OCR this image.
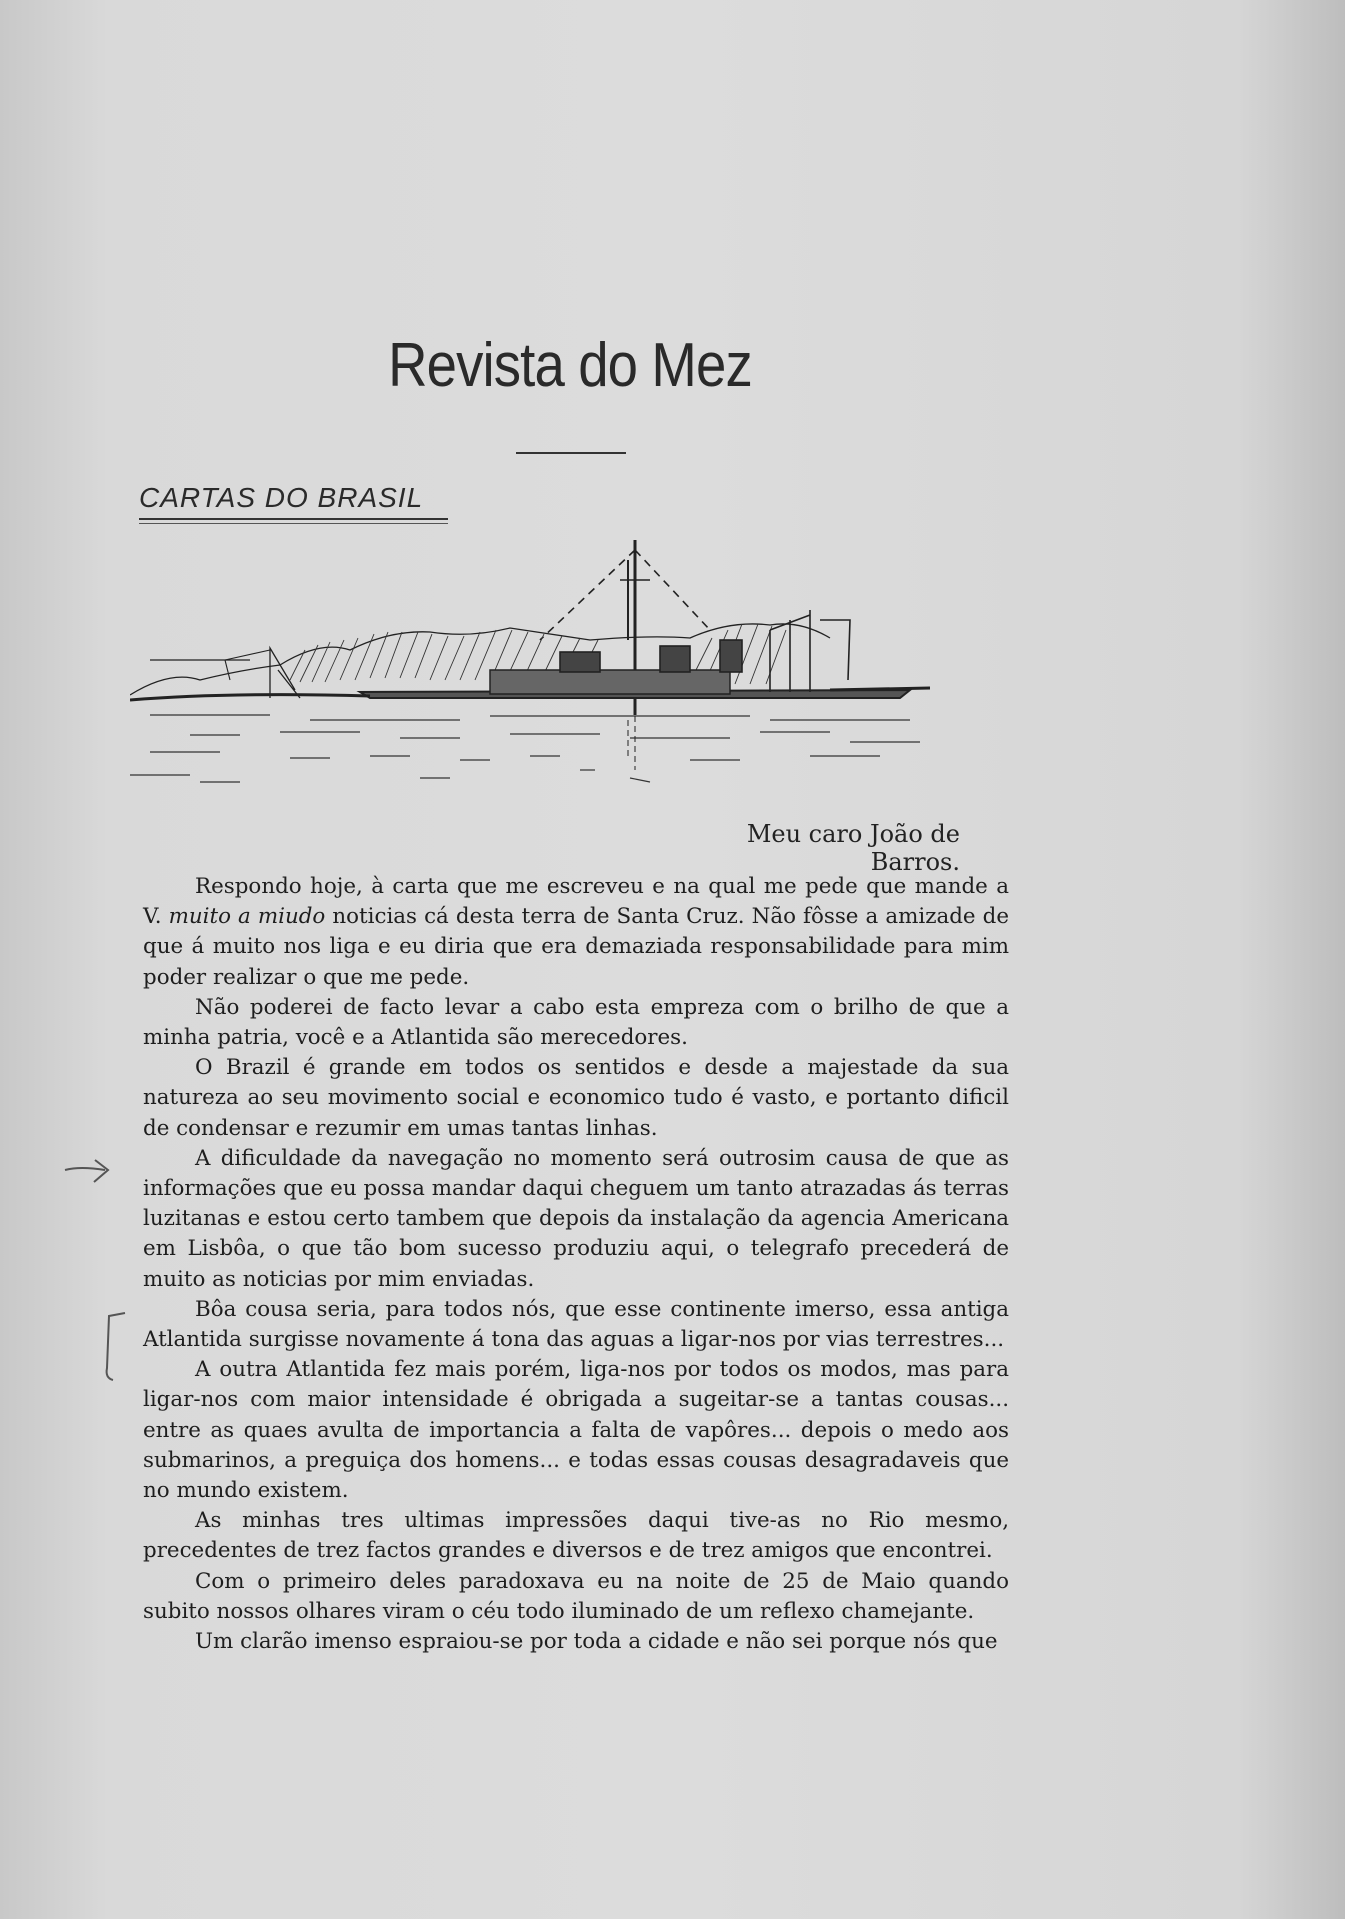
Revista do Mez
CARTAS DO BRASIL
Meu caro João de Barros.

Respondo hoje, à carta que me escreveu e na qual me pede que mande a V. muito a miudo noticias cá desta terra de Santa Cruz. Não fôsse a amizade de que á muito nos liga e eu diria que era demaziada responsabilidade para mim poder realizar o que me pede.

Não poderei de facto levar a cabo esta empreza com o brilho de que a minha patria, você e a Atlantida são merecedores.

O Brazil é grande em todos os sentidos e desde a majestade da sua natureza ao seu movimento social e economico tudo é vasto, e portanto dificil de condensar e rezumir em umas tantas linhas.

A dificuldade da navegação no momento será outrosim causa de que as informações que eu possa mandar daqui cheguem um tanto atrazadas ás terras luzitanas e estou certo tambem que depois da instalação da agencia Americana em Lisbôa, o que tão bom sucesso produziu aqui, o telegrafo precederá de muito as noticias por mim enviadas.

Bôa cousa seria, para todos nós, que esse continente imerso, essa antiga Atlantida surgisse novamente á tona das aguas a ligar-nos por vias terrestres...

A outra Atlantida fez mais porém, liga-nos por todos os modos, mas para ligar-nos com maior intensidade é obrigada a sugeitar-se a tantas cousas... entre as quaes avulta de importancia a falta de vapôres... depois o medo aos submarinos, a preguiça dos homens... e todas essas cousas desagradaveis que no mundo existem.

As minhas tres ultimas impressões daqui tive-as no Rio mesmo, precedentes de trez factos grandes e diversos e de trez amigos que encontrei.

Com o primeiro deles paradoxava eu na noite de 25 de Maio quando subito nossos olhares viram o céu todo iluminado de um reflexo chamejante.

Um clarão imenso espraiou-se por toda a cidade e não sei porque nós que
